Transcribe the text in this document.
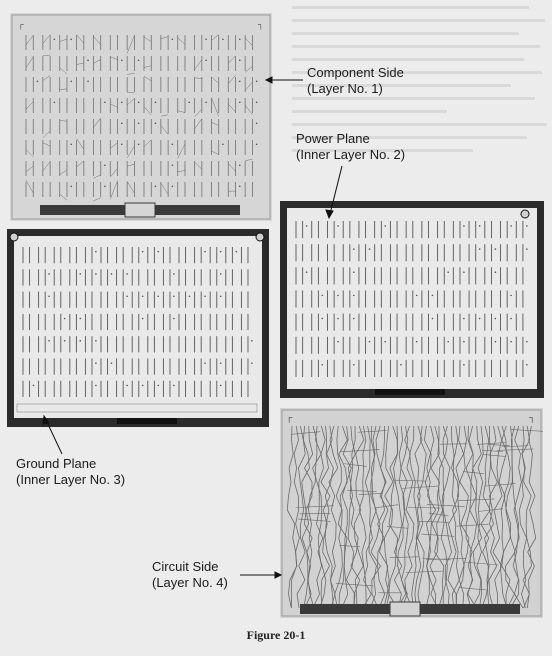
┌	┐
┌	┐
Component Side
(Layer No. 1)
Power Plane
(Inner Layer No. 2)
Ground Plane
(Inner Layer No. 3)
Circuit Side
(Layer No. 4)
Figure 20-1
